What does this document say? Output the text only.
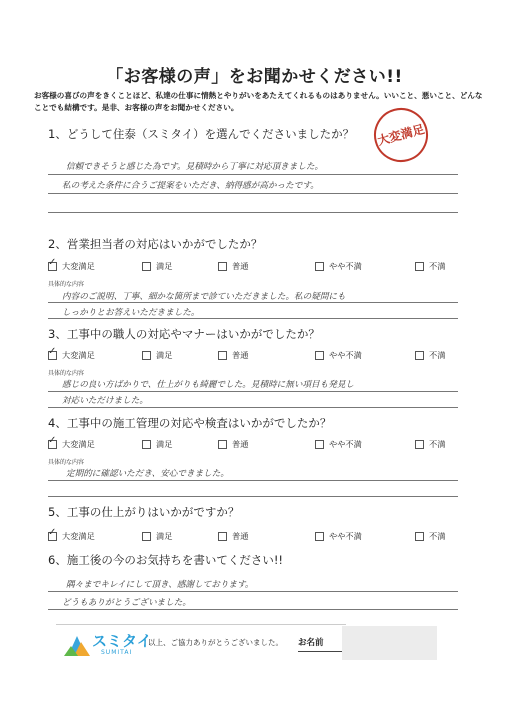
「お客様の声」をお聞かせください!!
お客様の喜びの声をきくことほど、私達の仕事に情熱とやりがいをあたえてくれるものはありません。いいこと、悪いこと、どんなことでも結構です。是非、お客様の声をお聞かせください。
大変満足
1、どうして住泰（スミタイ）を選んでくださいましたか？
信頼できそうと感じた為です。見積時から丁寧に対応頂きました。
私の考えた条件に合うご提案をいただき、納得感が高かったです。
2、営業担当者の対応はいかがでしたか？
✓ 大変満足	満足	普通	やや不満	不満
具体的な内容
内容のご説明、丁寧、細かな箇所まで診ていただきました。私の疑問にも
しっかりとお答えいただきました。
3、工事中の職人の対応やマナーはいかがでしたか？
✓ 大変満足	満足	普通	やや不満	不満
具体的な内容
感じの良い方ばかりで、仕上がりも綺麗でした。見積時に無い項目も発見し
対応いただけました。
4、工事中の施工管理の対応や検査はいかがでしたか？
✓ 大変満足	満足	普通	やや不満	不満
具体的な内容
定期的に確認いただき、安心できました。
5、工事の仕上がりはいかがですか？
✓ 大変満足	満足	普通	やや不満	不満
6、施工後の今のお気持ちを書いてください!!
隅々までキレイにして頂き、感謝しております。
どうもありがとうございました。
スミタイ
SUMITAI
以上、ご協力ありがとうございました。 お名前
